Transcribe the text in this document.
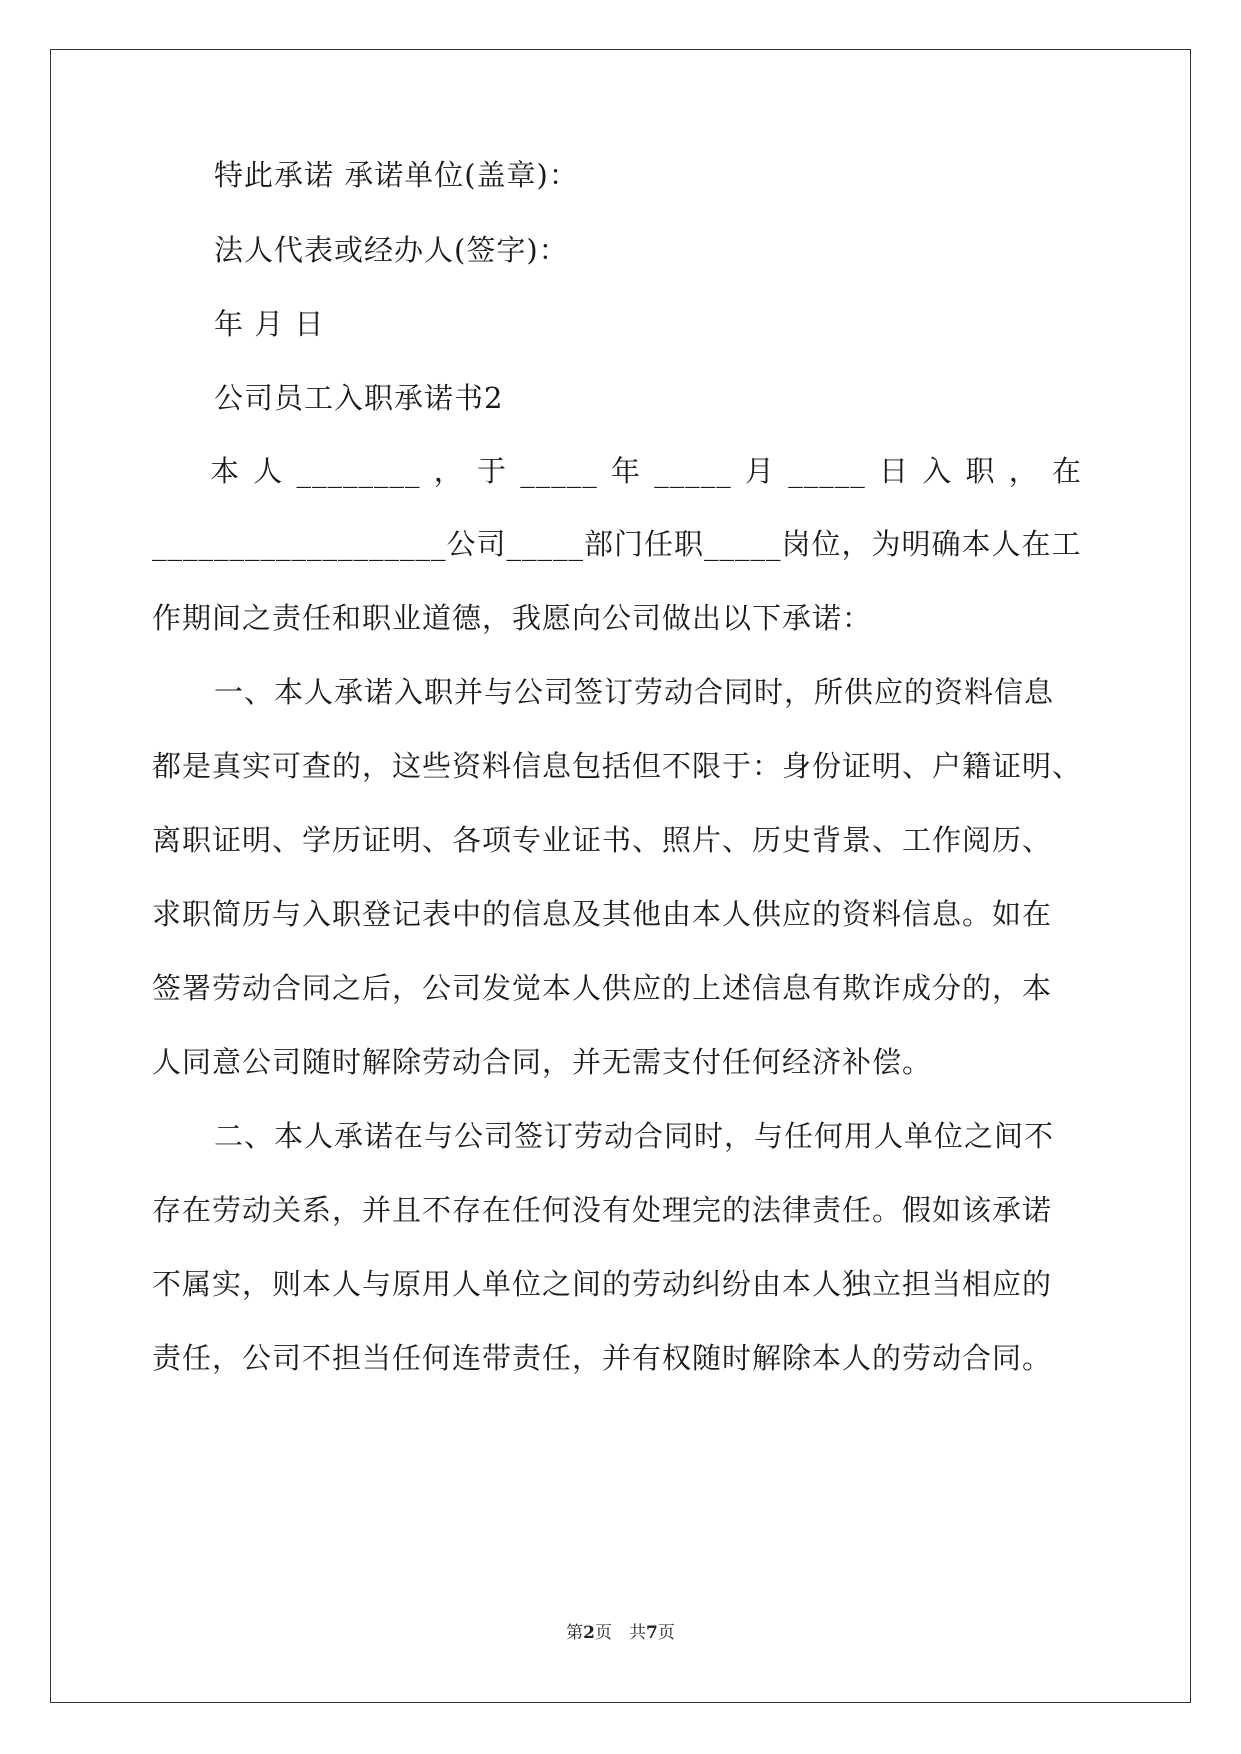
特此承诺 承诺单位(盖章)：
法人代表或经办人(签字)：
年 月 日
公司员工入职承诺书2
本 人 ________ ， 于 _____ 年 _____ 月 _____ 日 入 职 ， 在
___________________公司_____部门任职_____岗位，为明确本人在工
作期间之责任和职业道德，我愿向公司做出以下承诺：
一、本人承诺入职并与公司签订劳动合同时，所供应的资料信息
都是真实可查的，这些资料信息包括但不限于：身份证明、户籍证明、
离职证明、学历证明、各项专业证书、照片、历史背景、工作阅历、
求职简历与入职登记表中的信息及其他由本人供应的资料信息。如在
签署劳动合同之后，公司发觉本人供应的上述信息有欺诈成分的，本
人同意公司随时解除劳动合同，并无需支付任何经济补偿。
二、本人承诺在与公司签订劳动合同时，与任何用人单位之间不
存在劳动关系，并且不存在任何没有处理完的法律责任。假如该承诺
不属实，则本人与原用人单位之间的劳动纠纷由本人独立担当相应的
责任，公司不担当任何连带责任，并有权随时解除本人的劳动合同。
第2页　共7页
